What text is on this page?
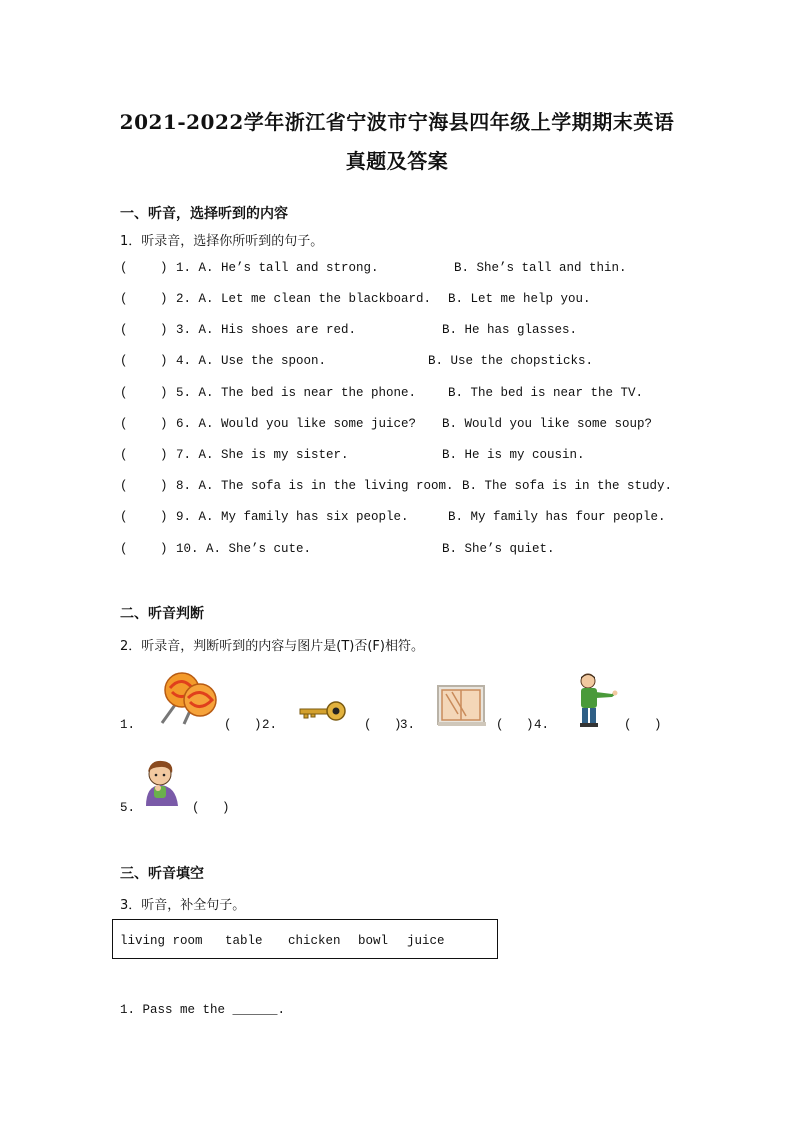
2021-2022学年浙江省宁波市宁海县四年级上学期期末英语
真题及答案
一、听音，选择听到的内容
1．听录音，选择你所听到的句子。
(	) 1. A. He’s tall and strong.	B. She’s tall and thin.
(	) 2. A. Let me clean the blackboard. B. Let me help you.
(	) 3. A. His shoes are red.	B. He has glasses.
(	) 4. A. Use the spoon.	B. Use the chopsticks.
(	) 5. A. The bed is near the phone.	B. The bed is near the TV.
(	) 6. A. Would you like some juice? B. Would you like some soup?
(	) 7. A. She is my sister.	B. He is my cousin.
(	) 8. A. The sofa is in the living room. B. The sofa is in the study.
(	) 9. A. My family has six people.	B. My family has four people.
(	) 10. A. She’s cute.	B. She’s quiet.
二、听音判断
2．听录音，判断听到的内容与图片是(T)否(F)相符。
1.	(   ) 2.	(   )
3.	(   ) 4.	(   )
5.	(   )
三、听音填空
3．听音，补全句子。
living room table chicken bowl juice
1. Pass me the ______.
